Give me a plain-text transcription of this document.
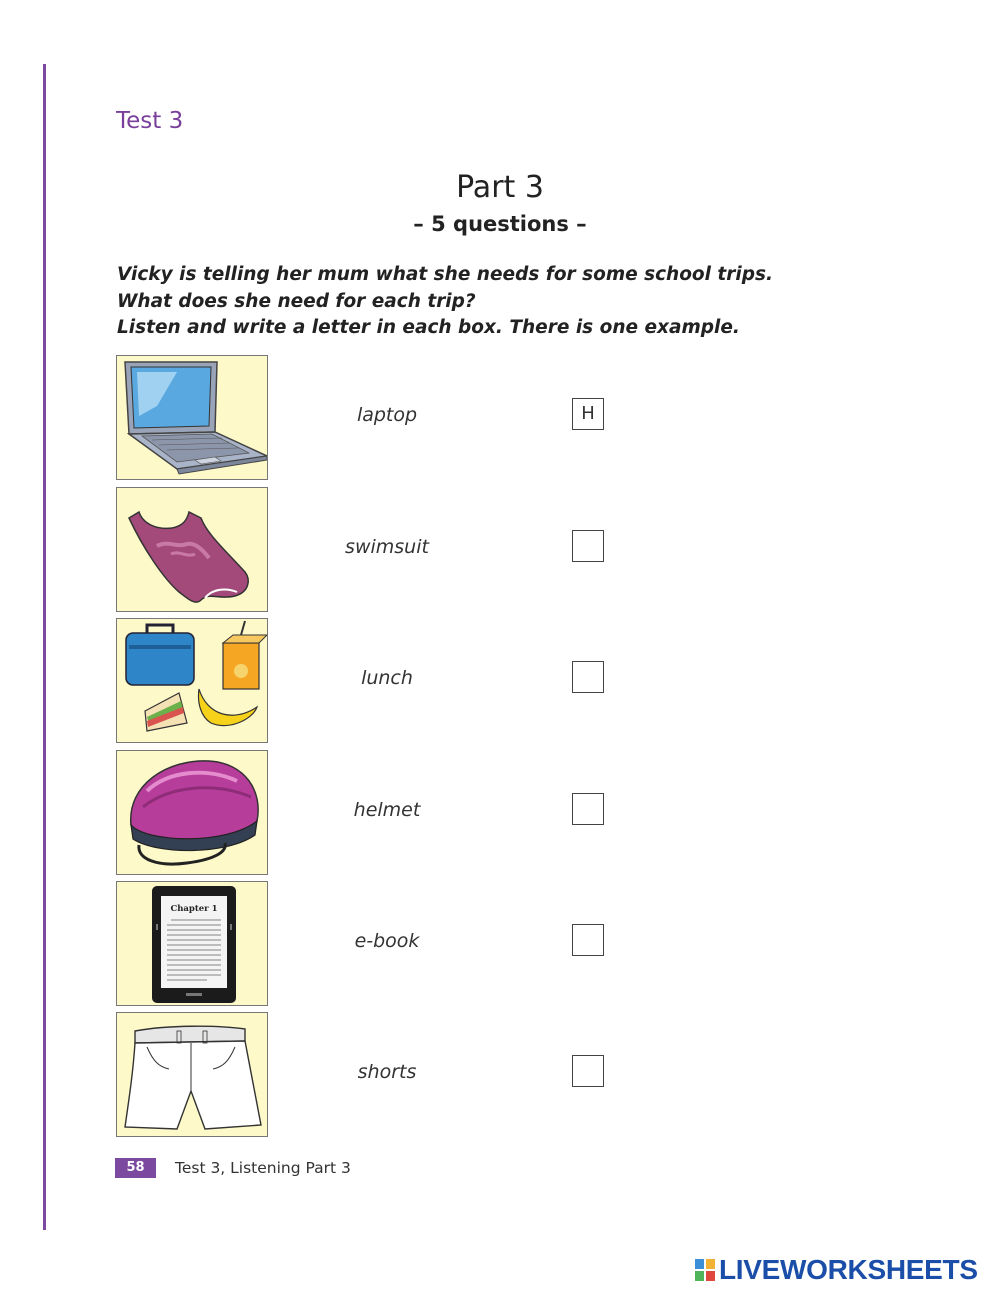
Test 3
Part 3
– 5 questions –
Vicky is telling her mum what she needs for some school trips.
What does she need for each trip?
Listen and write a letter in each box. There is one example.
laptop	H
swimsuit
lunch
helmet
Chapter 1
e-book
shorts
58	Test 3, Listening Part 3
LIVEWORKSHEETS
